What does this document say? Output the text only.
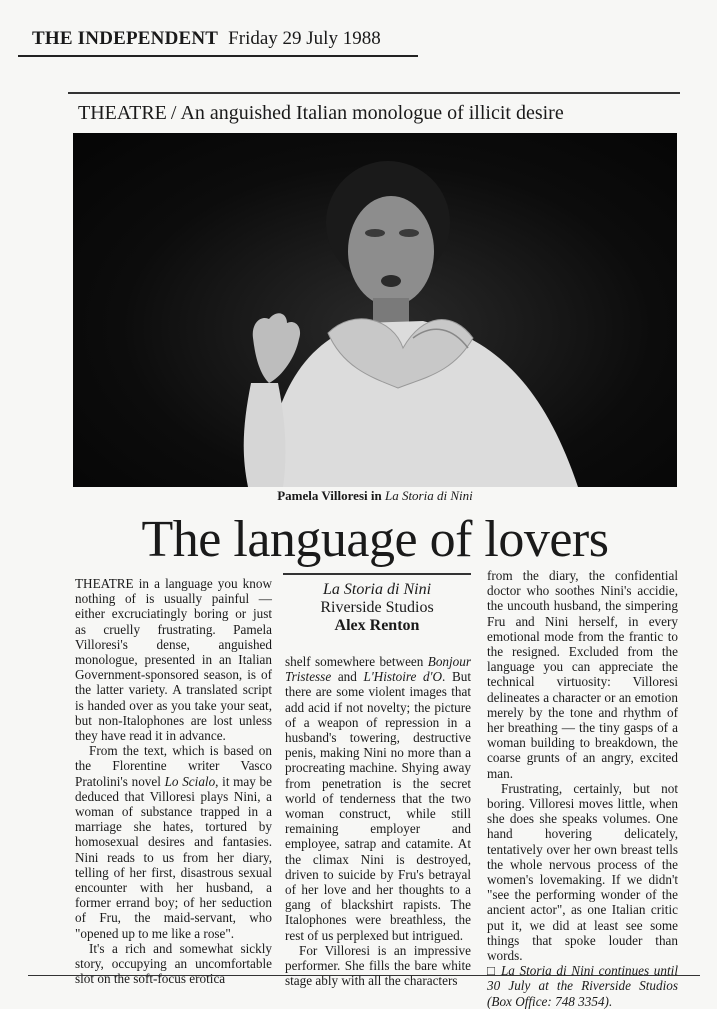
THE INDEPENDENT Friday 29 July 1988
THEATRE / An anguished Italian monologue of illicit desire
Pamela Villoresi in La Storia di Nini
The language of lovers

THEATRE in a language you know nothing of is usually painful — either excruciatingly boring or just as cruelly frustrating. Pamela Villoresi's dense, anguished monologue, presented in an Italian Government-sponsored season, is of the latter variety. A translated script is handed over as you take your seat, but non-Italophones are lost unless they have read it in advance.

From the text, which is based on the Florentine writer Vasco Pratolini's novel Lo Scialo, it may be deduced that Villoresi plays Nini, a woman of substance trapped in a marriage she hates, tortured by homosexual desires and fantasies. Nini reads to us from her diary, telling of her first, disastrous sexual encounter with her husband, a former errand boy; of her seduction of Fru, the maid-servant, who "opened up to me like a rose".

It's a rich and somewhat sickly story, occupying an uncomfortable slot on the soft-focus erotica

La Storia di Nini
Riverside Studios
Alex Renton

shelf somewhere between Bonjour Tristesse and L'Histoire d'O. But there are some violent images that add acid if not novelty; the picture of a weapon of repression in a husband's towering, destructive penis, making Nini no more than a procreating machine. Shying away from penetration is the secret world of tenderness that the two woman construct, while still remaining employer and employee, satrap and catamite. At the climax Nini is destroyed, driven to suicide by Fru's betrayal of her love and her thoughts to a gang of blackshirt rapists. The Italophones were breathless, the rest of us perplexed but intrigued.

For Villoresi is an impressive performer. She fills the bare white stage ably with all the characters

from the diary, the confidential doctor who soothes Nini's accidie, the uncouth husband, the simpering Fru and Nini herself, in every emotional mode from the frantic to the resigned. Excluded from the language you can appreciate the technical virtuosity: Villoresi delineates a character or an emotion merely by the tone and rhythm of her breathing — the tiny gasps of a woman building to breakdown, the coarse grunts of an angry, excited man.

Frustrating, certainly, but not boring. Villoresi moves little, when she does she speaks volumes. One hand hovering delicately, tentatively over her own breast tells the whole nervous process of the women's lovemaking. If we didn't "see the performing wonder of the ancient actor", as one Italian critic put it, we did at least see some things that spoke louder than words.

□ La Storia di Nini continues until 30 July at the Riverside Studios (Box Office: 748 3354).
